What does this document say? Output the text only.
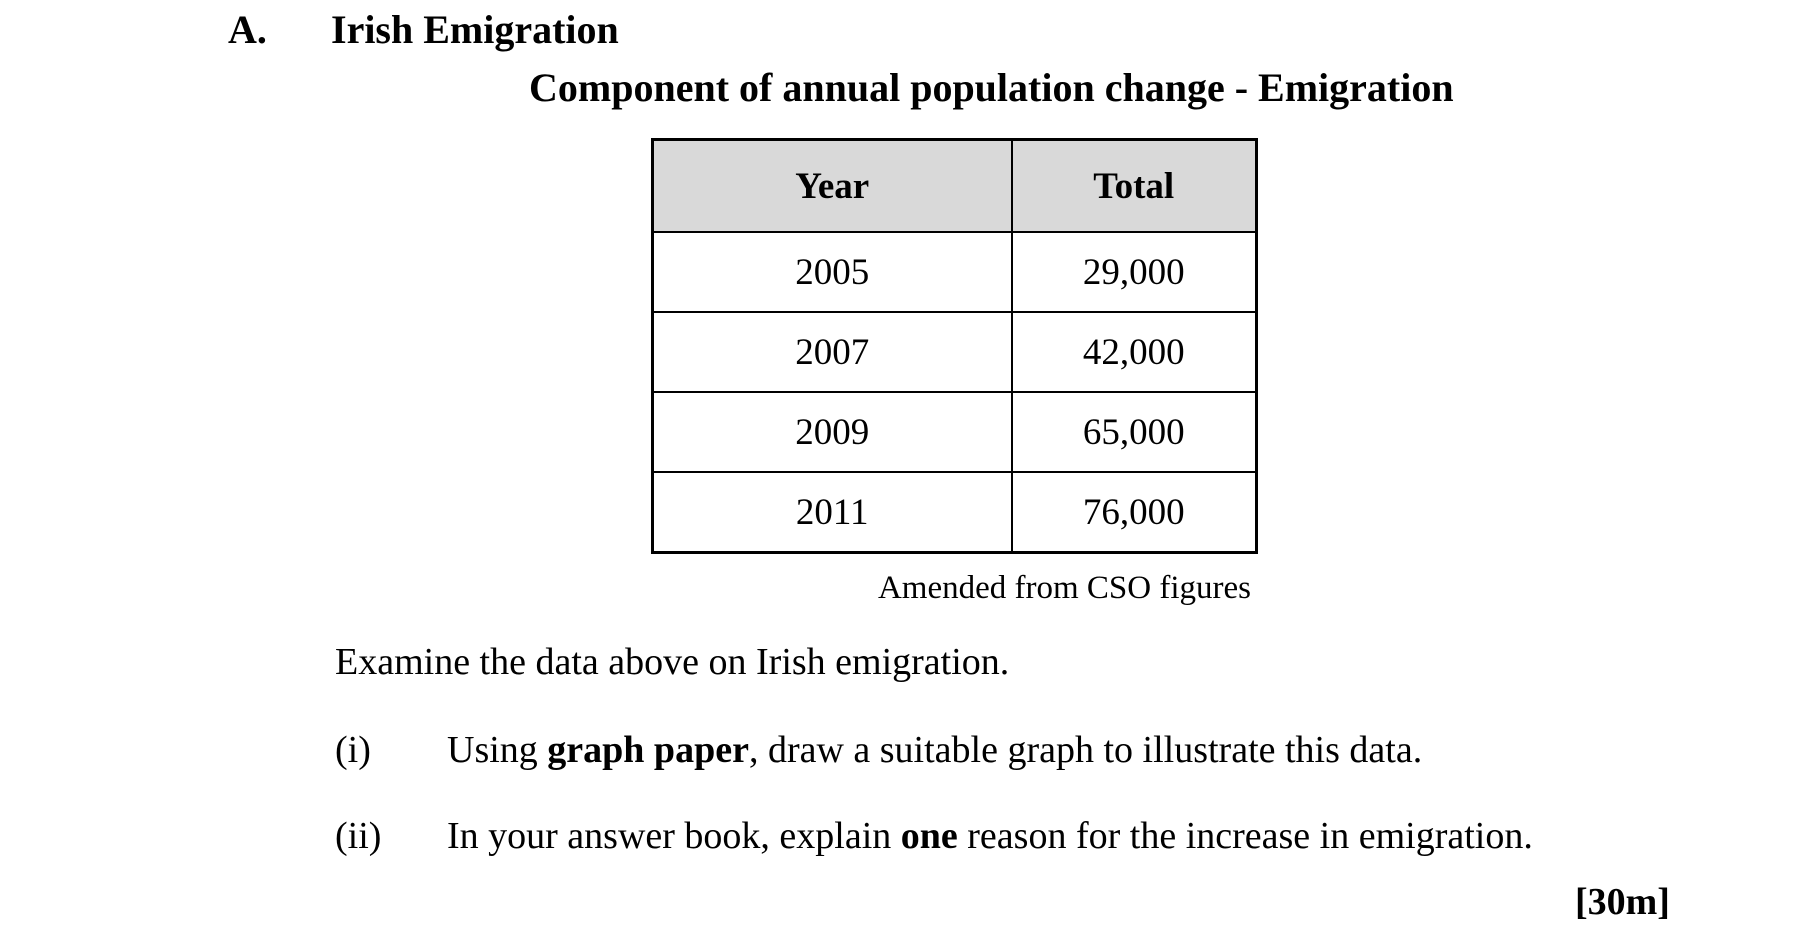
A. Irish Emigration
Component of annual population change - Emigration
Year	Total
2005	29,000
2007	42,000
2009	65,000
2011	76,000
Amended from CSO figures
Examine the data above on Irish emigration.
(i) Using graph paper, draw a suitable graph to illustrate this data.
(ii) In your answer book, explain one reason for the increase in emigration.
[30m]
